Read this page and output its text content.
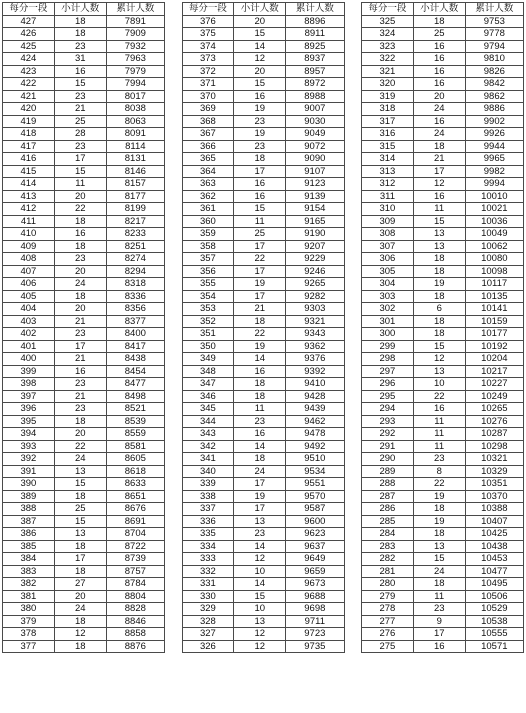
每分一段	小计人数	累计人数
427	18	7891
426	18	7909
425	23	7932
424	31	7963
423	16	7979
422	15	7994
421	23	8017
420	21	8038
419	25	8063
418	28	8091
417	23	8114
416	17	8131
415	15	8146
414	11	8157
413	20	8177
412	22	8199
411	18	8217
410	16	8233
409	18	8251
408	23	8274
407	20	8294
406	24	8318
405	18	8336
404	20	8356
403	21	8377
402	23	8400
401	17	8417
400	21	8438
399	16	8454
398	23	8477
397	21	8498
396	23	8521
395	18	8539
394	20	8559
393	22	8581
392	24	8605
391	13	8618
390	15	8633
389	18	8651
388	25	8676
387	15	8691
386	13	8704
385	18	8722
384	17	8739
383	18	8757
382	27	8784
381	20	8804
380	24	8828
379	18	8846
378	12	8858
377	18	8876
每分一段	小计人数	累计人数
376	20	8896
375	15	8911
374	14	8925
373	12	8937
372	20	8957
371	15	8972
370	16	8988
369	19	9007
368	23	9030
367	19	9049
366	23	9072
365	18	9090
364	17	9107
363	16	9123
362	16	9139
361	15	9154
360	11	9165
359	25	9190
358	17	9207
357	22	9229
356	17	9246
355	19	9265
354	17	9282
353	21	9303
352	18	9321
351	22	9343
350	19	9362
349	14	9376
348	16	9392
347	18	9410
346	18	9428
345	11	9439
344	23	9462
343	16	9478
342	14	9492
341	18	9510
340	24	9534
339	17	9551
338	19	9570
337	17	9587
336	13	9600
335	23	9623
334	14	9637
333	12	9649
332	10	9659
331	14	9673
330	15	9688
329	10	9698
328	13	9711
327	12	9723
326	12	9735
每分一段	小计人数	累计人数
325	18	9753
324	25	9778
323	16	9794
322	16	9810
321	16	9826
320	16	9842
319	20	9862
318	24	9886
317	16	9902
316	24	9926
315	18	9944
314	21	9965
313	17	9982
312	12	9994
311	16	10010
310	11	10021
309	15	10036
308	13	10049
307	13	10062
306	18	10080
305	18	10098
304	19	10117
303	18	10135
302	6	10141
301	18	10159
300	18	10177
299	15	10192
298	12	10204
297	13	10217
296	10	10227
295	22	10249
294	16	10265
293	11	10276
292	11	10287
291	11	10298
290	23	10321
289	8	10329
288	22	10351
287	19	10370
286	18	10388
285	19	10407
284	18	10425
283	13	10438
282	15	10453
281	24	10477
280	18	10495
279	11	10506
278	23	10529
277	9	10538
276	17	10555
275	16	10571
